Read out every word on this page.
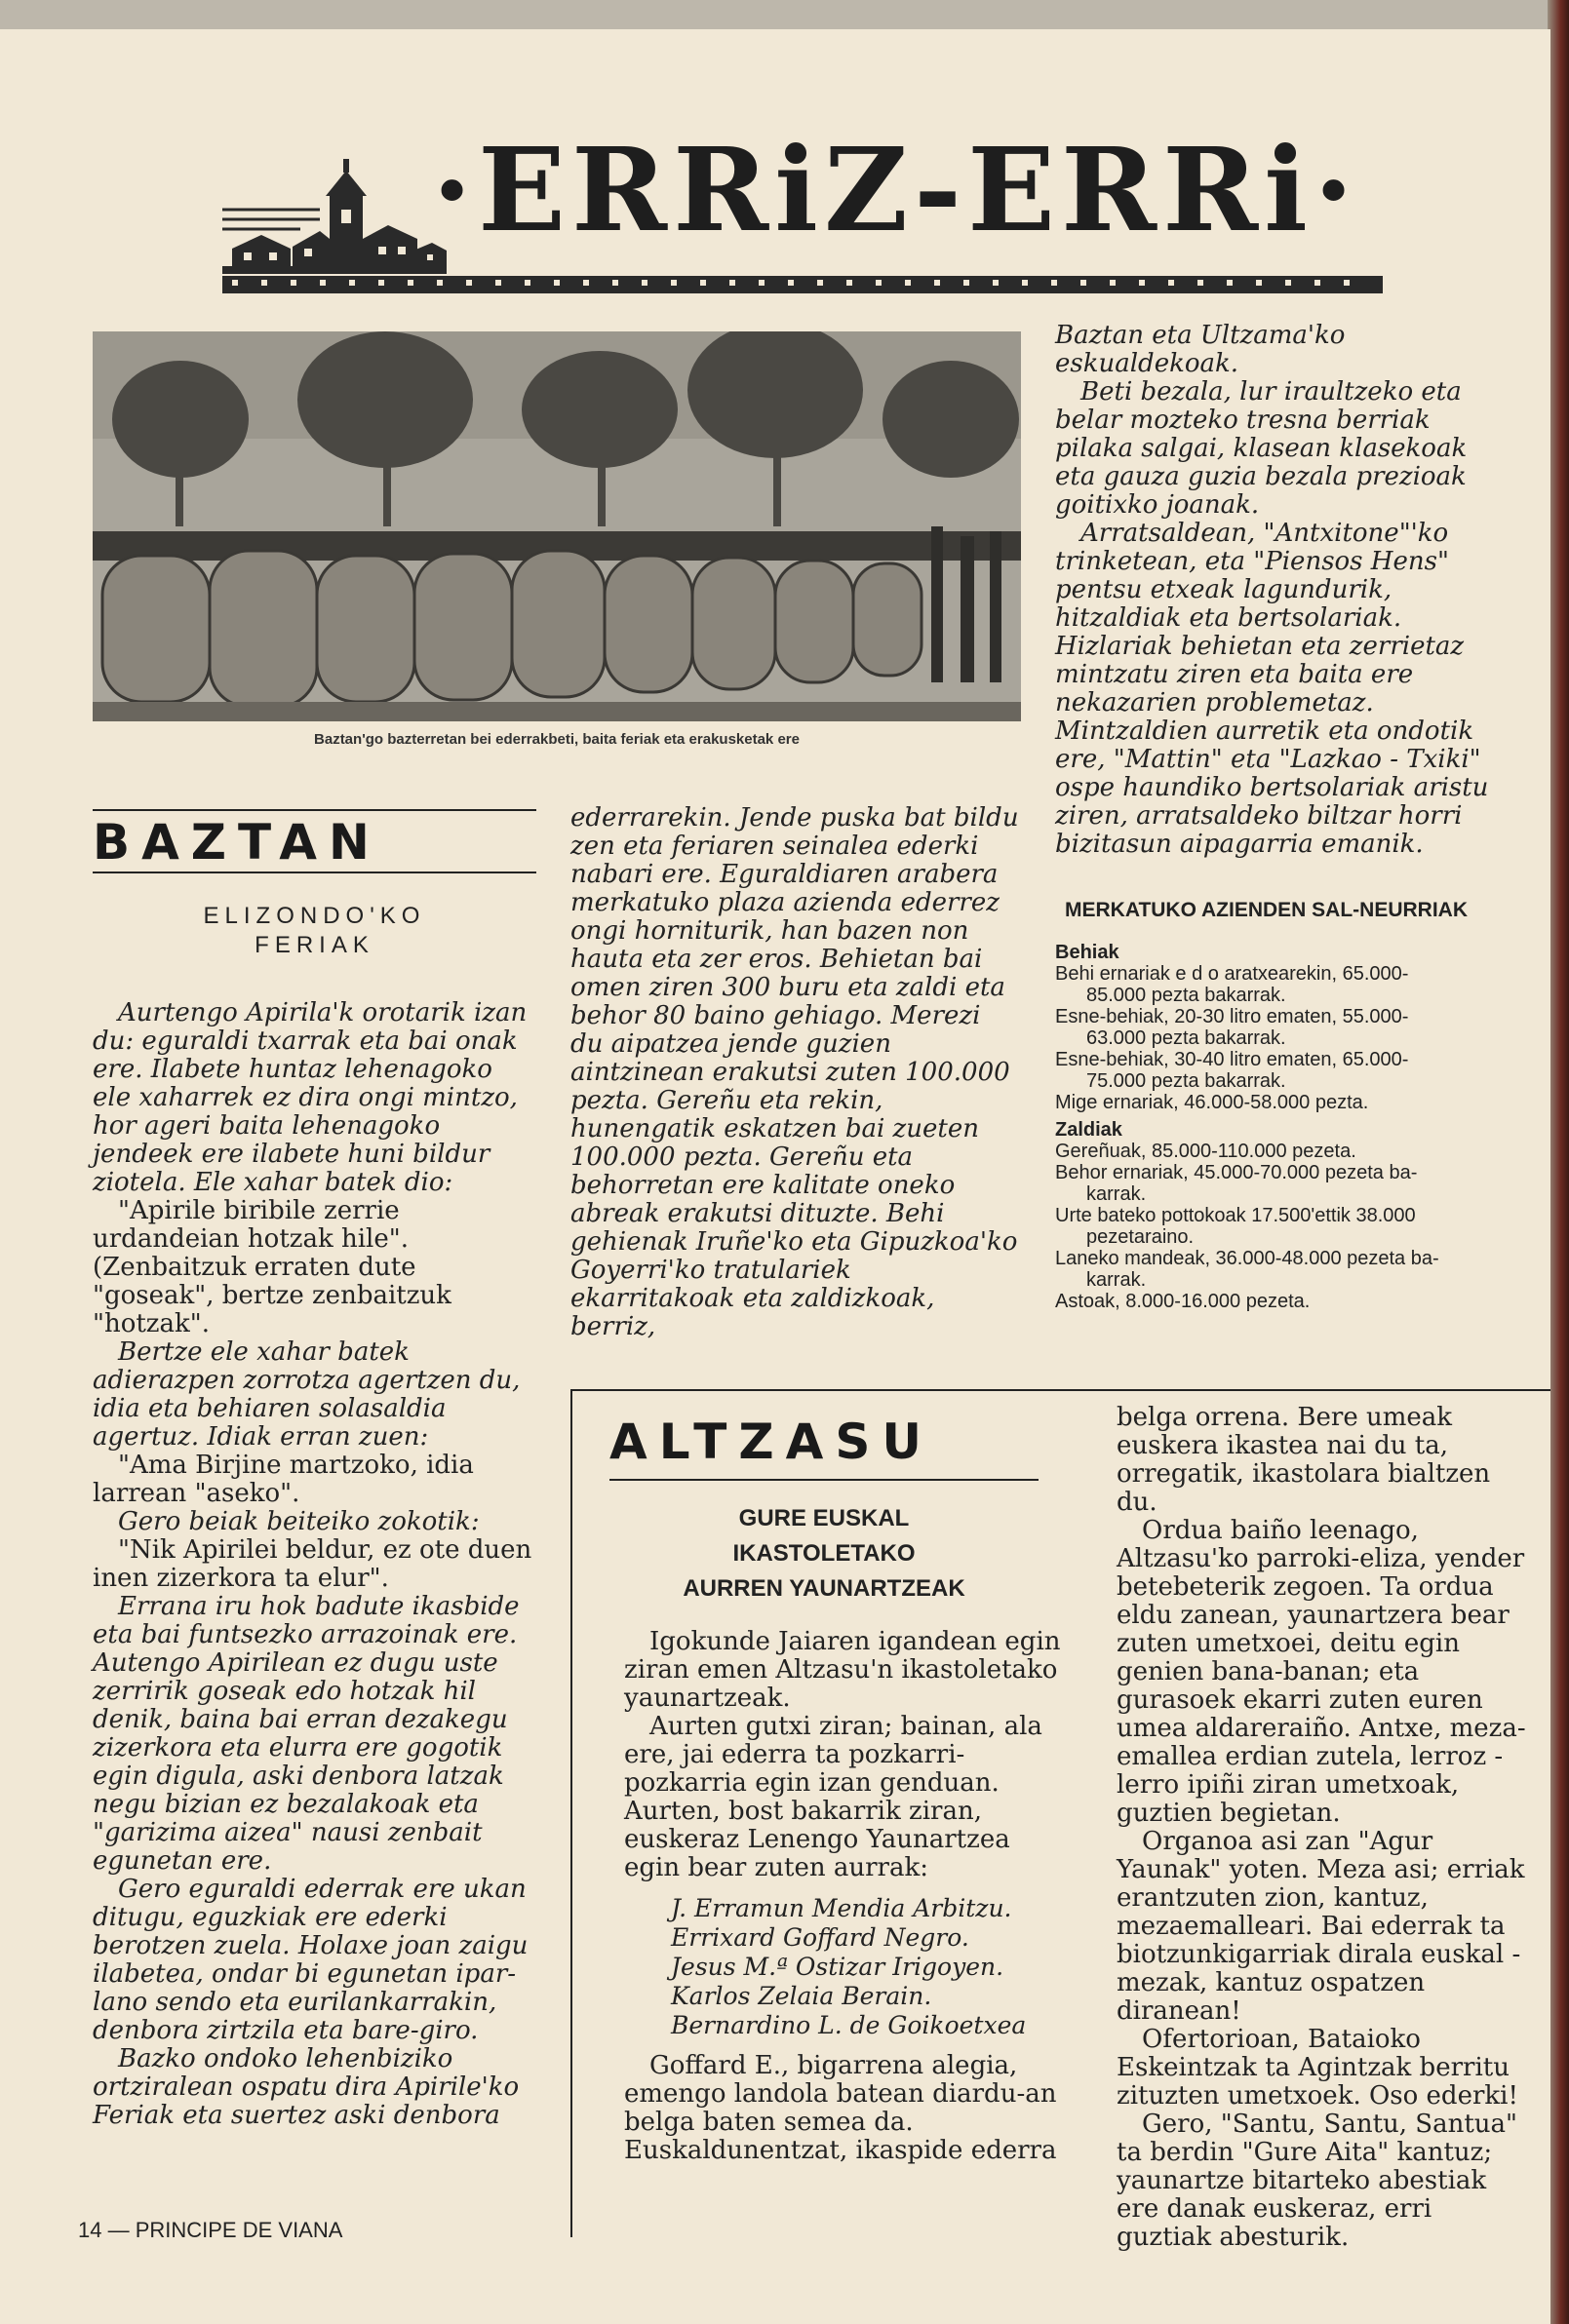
·ERRiZ-ERRi·
Baztan'go bazterretan bei ederrakbeti, baita feriak eta erakusketak ere
BAZTAN
ELIZONDO'KO
FERIAK

Aurtengo Apirila'k orotarik izan du: eguraldi txarrak eta bai onak ere. Ilabete huntaz lehenagoko ele xaharrek ez dira ongi mintzo, hor ageri baita lehenagoko jendeek ere ilabete huni bildur ziotela. Ele xahar batek dio:

"Apirile biribile zerrie urdandeian hotzak hile". (Zenbaitzuk erraten dute "goseak", bertze zenbaitzuk "hotzak".

Bertze ele xahar batek adierazpen zorrotza agertzen du, idia eta behiaren solasaldia agertuz. Idiak erran zuen:

"Ama Birjine martzoko, idia larrean "aseko".

Gero beiak beiteiko zokotik:

"Nik Apirilei beldur, ez ote duen inen zizerkora ta elur".

Errana iru hok badute ikasbide eta bai funtsezko arrazoinak ere. Autengo Apirilean ez dugu uste zerririk goseak edo hotzak hil denik, baina bai erran dezakegu zizerkora eta elurra ere gogotik egin digula, aski denbora latzak negu bizian ez bezalakoak eta "garizima aizea" nausi zenbait egunetan ere.

Gero eguraldi ederrak ere ukan ditugu, eguzkiak ere ederki berotzen zuela. Holaxe joan zaigu ilabetea, ondar bi egunetan ipar-lano sendo eta eurilankarrakin, denbora zirtzila eta bare-giro.

Bazko ondoko lehenbiziko ortziralean ospatu dira Apirile'ko Feriak eta suertez aski denbora

ederrarekin. Jende puska bat bildu zen eta feriaren seinalea ederki nabari ere. Eguraldiaren arabera merkatuko plaza azienda ederrez ongi horniturik, han bazen non hauta eta zer eros. Behietan bai omen ziren 300 buru eta zaldi eta behor 80 baino gehiago. Merezi du aipatzea jende guzien aintzinean erakutsi zuten 100.000 pezta. Gereñu eta rekin, hunengatik eskatzen bai zueten 100.000 pezta. Gereñu eta behorretan ere kalitate oneko abreak erakutsi dituzte. Behi gehienak Iruñe'ko eta Gipuzkoa'ko Goyerri'ko tratulariek ekarritakoak eta zaldizkoak, berriz,

Baztan eta Ultzama'ko eskualdekoak.

Beti bezala, lur iraultzeko eta belar mozteko tresna berriak pilaka salgai, klasean klasekoak eta gauza guzia bezala prezioak goitixko joanak.

Arratsaldean, "Antxitone"'ko trinketean, eta "Piensos Hens" pentsu etxeak lagundurik, hitzaldiak eta bertsolariak. Hizlariak behietan eta zerrietaz mintzatu ziren eta baita ere nekazarien problemetaz. Mintzaldien aurretik eta ondotik ere, "Mattin" eta "Lazkao - Txiki" ospe haundiko bertsolariak aristu ziren, arratsaldeko biltzar horri bizitasun aipagarria emanik.

MERKATUKO AZIENDEN SAL-NEURRIAK
Behiak
Behi ernariak e d o aratxearekin, 65.000-
85.000 pezta bakarrak.
Esne-behiak, 20-30 litro ematen, 55.000-
63.000 pezta bakarrak.
Esne-behiak, 30-40 litro ematen, 65.000-
75.000 pezta bakarrak.
Mige ernariak, 46.000-58.000 pezta.
Zaldiak
Gereñuak, 85.000-110.000 pezeta.
Behor ernariak, 45.000-70.000 pezeta ba-
karrak.
Urte bateko pottokoak 17.500'ettik 38.000
pezetaraino.
Laneko mandeak, 36.000-48.000 pezeta ba-
karrak.
Astoak, 8.000-16.000 pezeta.
ALTZASU
GURE EUSKAL
IKASTOLETAKO
AURREN YAUNARTZEAK

Igokunde Jaiaren igandean egin ziran emen Altzasu'n ikastoletako yaunartzeak.

Aurten gutxi ziran; bainan, ala ere, jai ederra ta pozkarri-pozkarria egin izan genduan. Aurten, bost bakarrik ziran, euskeraz Lenengo Yaunartzea egin bear zuten aurrak:

J. Erramun Mendia Arbitzu.

Errixard Goffard Negro.

Jesus M.ª Ostizar Irigoyen.

Karlos Zelaia Berain.

Bernardino L. de Goikoetxea

Goffard E., bigarrena alegia, emengo landola batean diardu-an belga baten semea da. Euskaldunentzat, ikaspide ederra

belga orrena. Bere umeak euskera ikastea nai du ta, orregatik, ikastolara bialtzen du.

Ordua baiño leenago, Altzasu'ko parroki-eliza, yender betebeterik zegoen. Ta ordua eldu zanean, yaunartzera bear zuten umetxoei, deitu egin genien bana-banan; eta gurasoek ekarri zuten euren umea aldareraiño. Antxe, meza-emallea erdian zutela, lerroz - lerro ipiñi ziran umetxoak, guztien begietan.

Organoa asi zan "Agur Yaunak" yoten. Meza asi; erriak erantzuten zion, kantuz, mezaemalleari. Bai ederrak ta biotzunkigarriak dirala euskal - mezak, kantuz ospatzen diranean!

Ofertorioan, Bataioko Eskeintzak ta Agintzak berritu zituzten umetxoek. Oso ederki!

Gero, "Santu, Santu, Santua" ta berdin "Gure Aita" kantuz; yaunartze bitarteko abestiak ere danak euskeraz, erri guztiak abesturik.

14 — PRINCIPE DE VIANA
